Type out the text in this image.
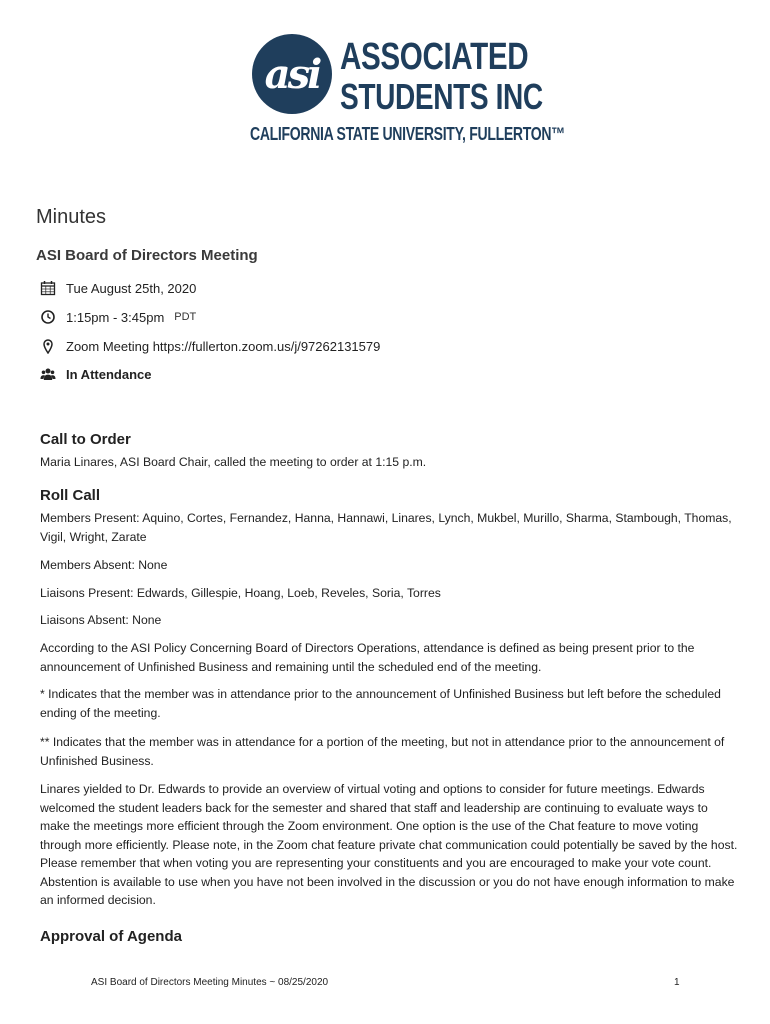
asi ASSOCIATED
STUDENTS INC
CALIFORNIA STATE UNIVERSITY, FULLERTON™
Minutes
ASI Board of Directors Meeting
Tue August 25th, 2020
1:15pm - 3:45pm PDT
Zoom Meeting https://fullerton.zoom.us/j/97262131579
In Attendance
Call to Order

Maria Linares, ASI Board Chair, called the meeting to order at 1:15 p.m.

Roll Call

Members Present: Aquino, Cortes, Fernandez, Hanna, Hannawi, Linares, Lynch, Mukbel, Murillo, Sharma, Stambough, Thomas, Vigil, Wright, Zarate

Members Absent: None

Liaisons Present: Edwards, Gillespie, Hoang, Loeb, Reveles, Soria, Torres

Liaisons Absent: None

According to the ASI Policy Concerning Board of Directors Operations, attendance is defined as being present prior to the announcement of Unfinished Business and remaining until the scheduled end of the meeting.

* Indicates that the member was in attendance prior to the announcement of Unfinished Business but left before the scheduled ending of the meeting.

** Indicates that the member was in attendance for a portion of the meeting, but not in attendance prior to the announcement of Unfinished Business.

Linares yielded to Dr. Edwards to provide an overview of virtual voting and options to consider for future meetings. Edwards welcomed the student leaders back for the semester and shared that staff and leadership are continuing to evaluate ways to make the meetings more efficient through the Zoom environment. One option is the use of the Chat feature to move voting through more efficiently. Please note, in the Zoom chat feature private chat communication could potentially be saved by the host. Please remember that when voting you are representing your constituents and you are encouraged to make your vote count. Abstention is available to use when you have not been involved in the discussion or you do not have enough information to make an informed decision.

Approval of Agenda
ASI Board of Directors Meeting Minutes ~ 08/25/2020	1
